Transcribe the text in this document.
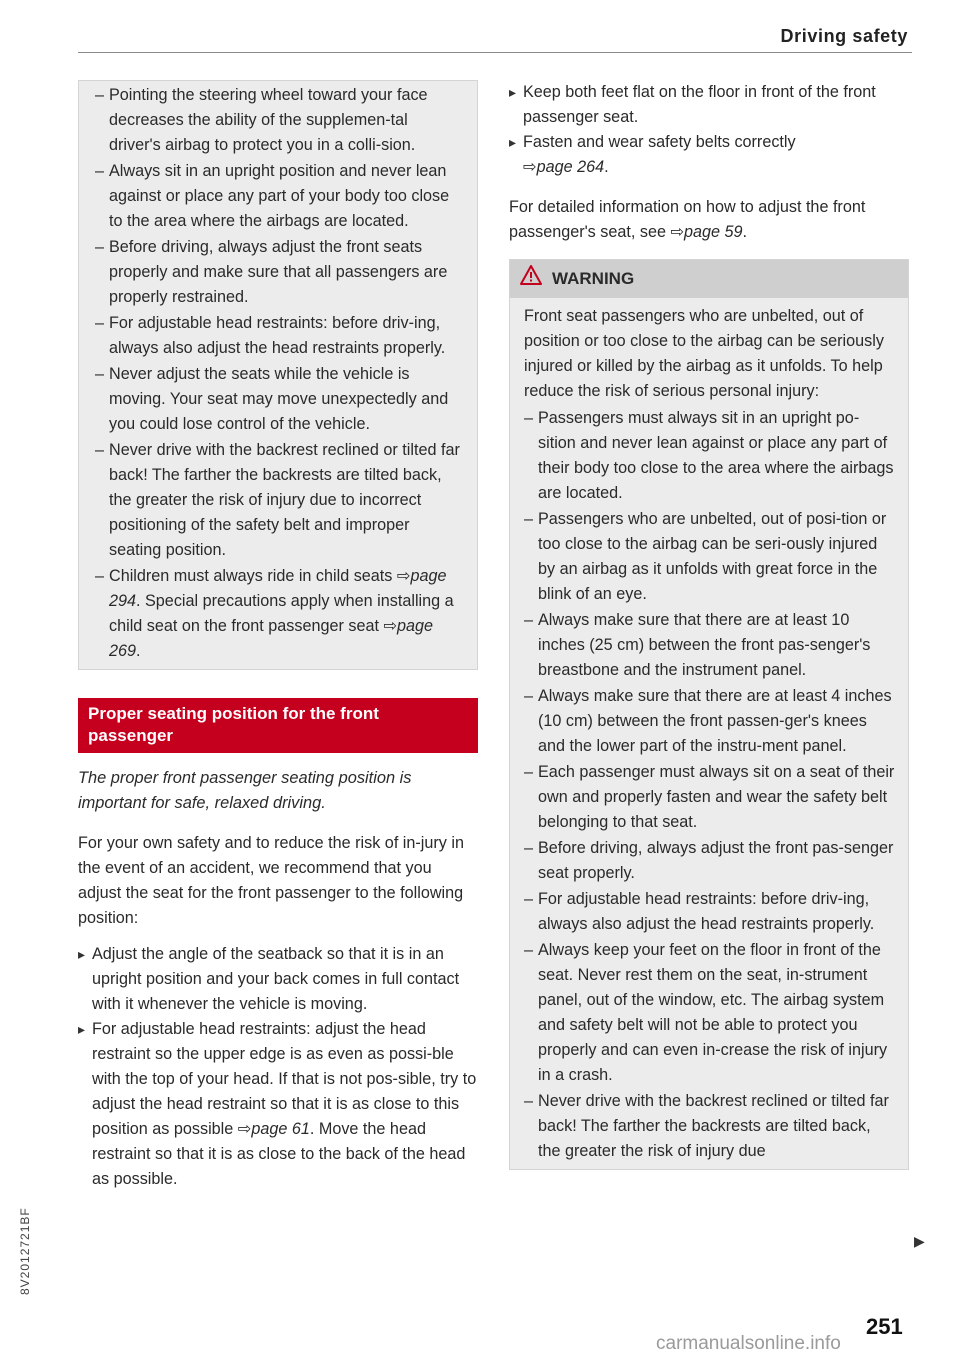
Driving safety
– Pointing the steering wheel toward your face decreases the ability of the supplemen-tal driver's airbag to protect you in a colli-sion.
– Always sit in an upright position and never lean against or place any part of your body too close to the area where the airbags are located.
– Before driving, always adjust the front seats properly and make sure that all passengers are properly restrained.
– For adjustable head restraints: before driv-ing, always also adjust the head restraints properly.
– Never adjust the seats while the vehicle is moving. Your seat may move unexpectedly and you could lose control of the vehicle.
– Never drive with the backrest reclined or tilted far back! The farther the backrests are tilted back, the greater the risk of injury due to incorrect positioning of the safety belt and improper seating position.
– Children must always ride in child seats ⇨page 294. Special precautions apply when installing a child seat on the front passenger seat ⇨page 269.
Proper seating position for the front passenger

The proper front passenger seating position is important for safe, relaxed driving.

For your own safety and to reduce the risk of in-jury in the event of an accident, we recommend that you adjust the seat for the front passenger to the following position:

▸ Adjust the angle of the seatback so that it is in an upright position and your back comes in full contact with it whenever the vehicle is moving.
▸ For adjustable head restraints: adjust the head restraint so the upper edge is as even as possi-ble with the top of your head. If that is not pos-sible, try to adjust the head restraint so that it is as close to this position as possible ⇨page 61. Move the head restraint so that it is as close to the back of the head as possible.
▸ Keep both feet flat on the floor in front of the front passenger seat.
▸ Fasten and wear safety belts correctly
⇨page 264.

For detailed information on how to adjust the front passenger's seat, see ⇨page 59.

WARNING

Front seat passengers who are unbelted, out of position or too close to the airbag can be seriously injured or killed by the airbag as it unfolds. To help reduce the risk of serious personal injury:

– Passengers must always sit in an upright po-sition and never lean against or place any part of their body too close to the area where the airbags are located.
– Passengers who are unbelted, out of posi-tion or too close to the airbag can be seri-ously injured by an airbag as it unfolds with great force in the blink of an eye.
– Always make sure that there are at least 10 inches (25 cm) between the front pas-senger's breastbone and the instrument panel.
– Always make sure that there are at least 4 inches (10 cm) between the front passen-ger's knees and the lower part of the instru-ment panel.
– Each passenger must always sit on a seat of their own and properly fasten and wear the safety belt belonging to that seat.
– Before driving, always adjust the front pas-senger seat properly.
– For adjustable head restraints: before driv-ing, always also adjust the head restraints properly.
– Always keep your feet on the floor in front of the seat. Never rest them on the seat, in-strument panel, out of the window, etc. The airbag system and safety belt will not be able to protect you properly and can even in-crease the risk of injury in a crash.
– Never drive with the backrest reclined or tilted far back! The farther the backrests are tilted back, the greater the risk of injury due
▶
251
8V2012721BF
carmanualsonline.info
